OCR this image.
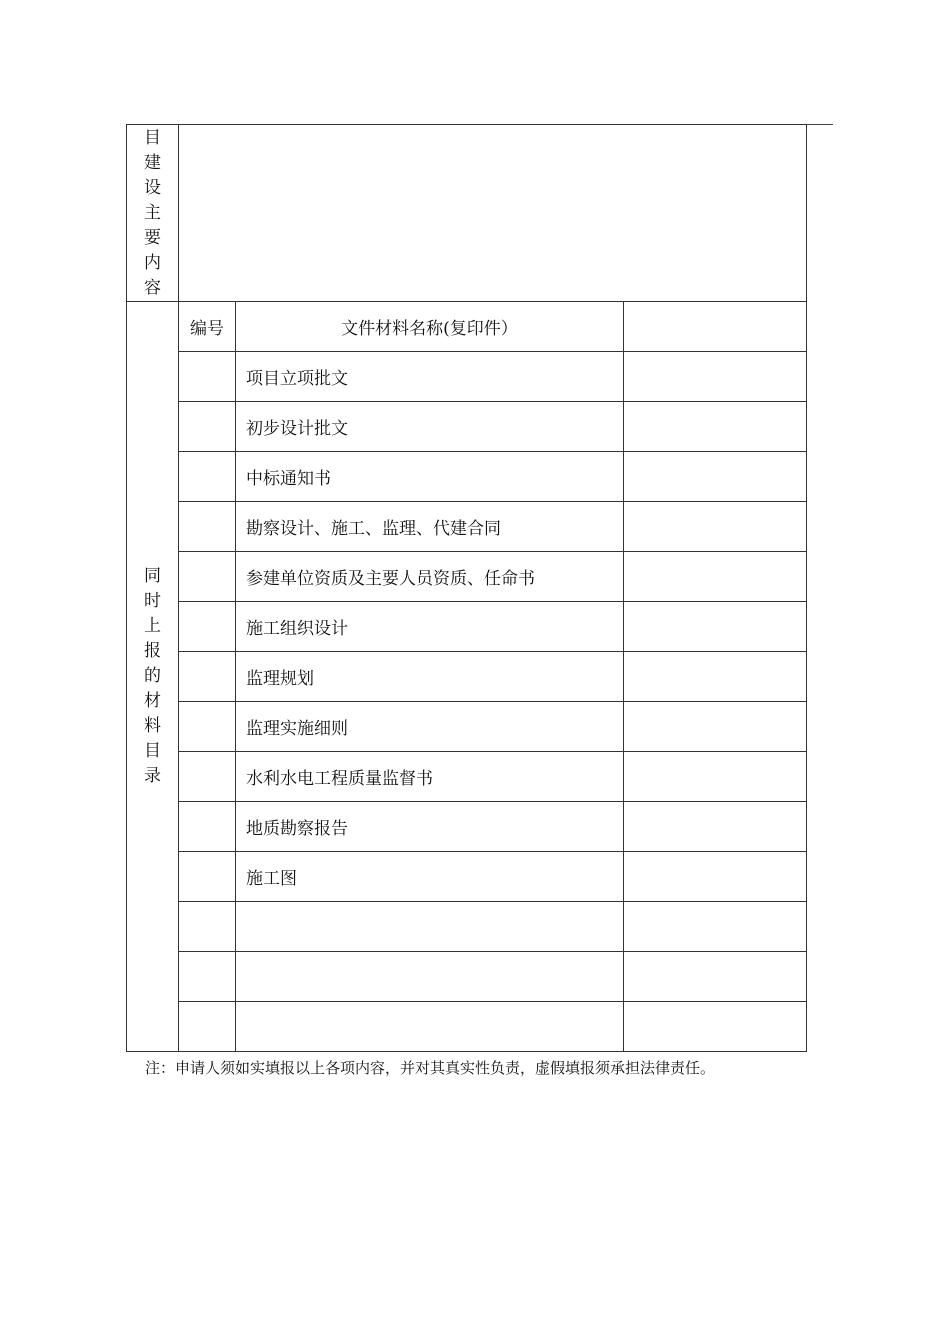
目建设主要内容			

同时上报的材料目录	编号	文件材料名称(复印件）	
		项目立项批文	
		初步设计批文	
		中标通知书	
		勘察设计、施工、监理、代建合同	
		参建单位资质及主要人员资质、任命书	
		施工组织设计	
		监理规划	
		监理实施细则	
		水利水电工程质量监督书	
		地质勘察报告	
		施工图	

注：申请人须如实填报以上各项内容，并对其真实性负责，虚假填报须承担法律责任。
